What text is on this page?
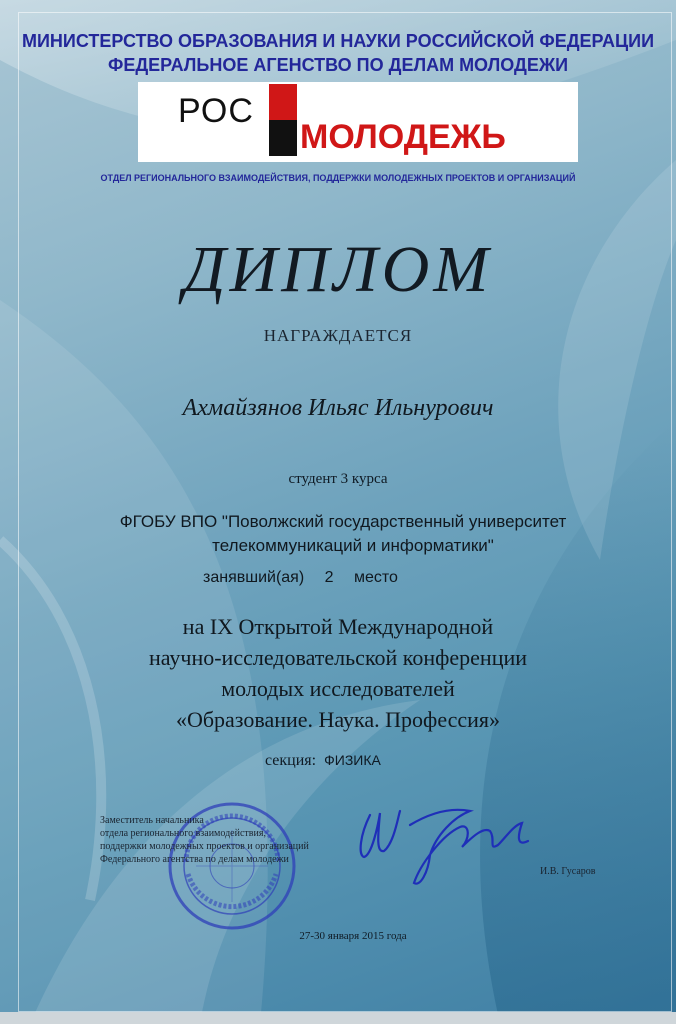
МИНИСТЕРСТВО ОБРАЗОВАНИЯ И НАУКИ РОССИЙСКОЙ ФЕДЕРАЦИИ
ФЕДЕРАЛЬНОЕ АГЕНСТВО ПО ДЕЛАМ МОЛОДЕЖИ
РОС
МОЛОДЕЖЬ
ОТДЕЛ РЕГИОНАЛЬНОГО ВЗАИМОДЕЙСТВИЯ, ПОДДЕРЖКИ МОЛОДЕЖНЫХ ПРОЕКТОВ И ОРГАНИЗАЦИЙ
ДИПЛОМ
НАГРАЖДАЕТСЯ
Ахмайзянов Ильяс Ильнурович
студент 3 курса
ФГОБУ ВПО "Поволжский государственный университет
телекоммуникаций и информатики"
занявший(ая) 2 место
на IX Открытой Международной
научно-исследовательской конференции
молодых исследователей
«Образование. Наука. Профессия»
секция: ФИЗИКА
Заместитель начальника
отдела регионального взаимодействия,
поддержки молодежных проектов и организаций
Федерального агентства по делам молодежи
И.В. Гусаров
27-30 января 2015 года
